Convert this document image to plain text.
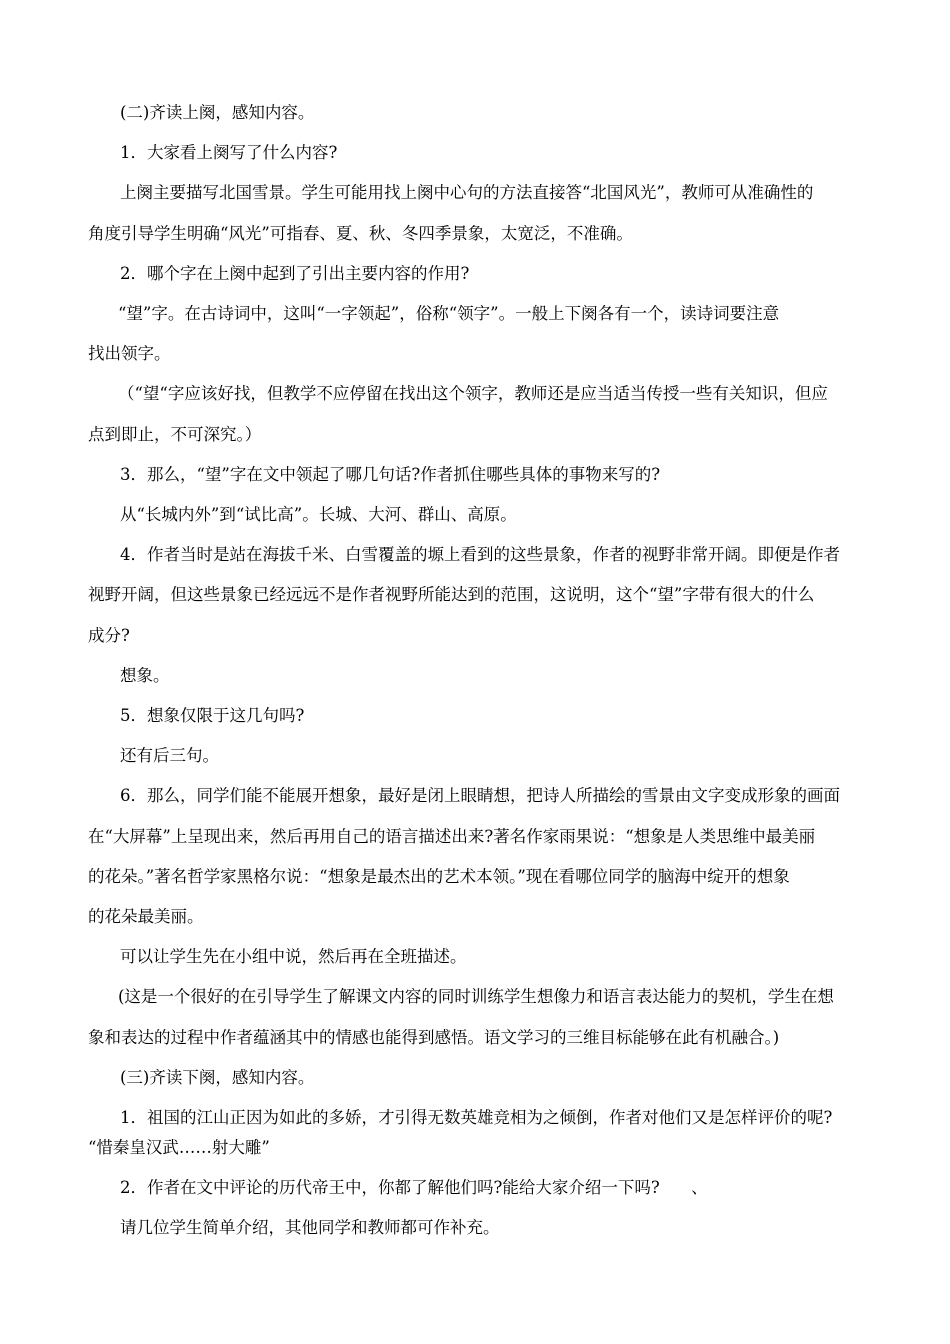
(二)齐读上阕，感知内容。
1．大家看上阕写了什么内容?
上阕主要描写北国雪景。学生可能用找上阕中心句的方法直接答“北国风光”，教师可从准确性的
角度引导学生明确“风光”可指春、夏、秋、冬四季景象，太宽泛，不准确。
2．哪个字在上阕中起到了引出主要内容的作用?
“望”字。在古诗词中，这叫“一字领起”，俗称“领字”。一般上下阕各有一个，读诗词要注意
找出领字。
（“望“字应该好找，但教学不应停留在找出这个领字，教师还是应当适当传授一些有关知识，但应
点到即止，不可深究。）
3．那么，“望”字在文中领起了哪几句话?作者抓住哪些具体的事物来写的?
从“长城内外”到“试比高”。长城、大河、群山、高原。
4．作者当时是站在海拔千米、白雪覆盖的塬上看到的这些景象，作者的视野非常开阔。即便是作者
视野开阔，但这些景象已经远远不是作者视野所能达到的范围，这说明，这个“望”字带有很大的什么
成分?
想象。
5．想象仅限于这几句吗?
还有后三句。
6．那么，同学们能不能展开想象，最好是闭上眼睛想，把诗人所描绘的雪景由文字变成形象的画面
在“大屏幕”上呈现出来，然后再用自己的语言描述出来?著名作家雨果说：“想象是人类思维中最美丽
的花朵。”著名哲学家黑格尔说：“想象是最杰出的艺术本领。”现在看哪位同学的脑海中绽开的想象
的花朵最美丽。
可以让学生先在小组中说，然后再在全班描述。
(这是一个很好的在引导学生了解课文内容的同时训练学生想像力和语言表达能力的契机，学生在想
象和表达的过程中作者蕴涵其中的情感也能得到感悟。语文学习的三维目标能够在此有机融合。)
(三)齐读下阕，感知内容。
1．祖国的江山正因为如此的多娇，才引得无数英雄竞相为之倾倒，作者对他们又是怎样评价的呢?
“惜秦皇汉武……射大雕”
2．作者在文中评论的历代帝王中，你都了解他们吗?能给大家介绍一下吗?      、
请几位学生简单介绍，其他同学和教师都可作补充。
